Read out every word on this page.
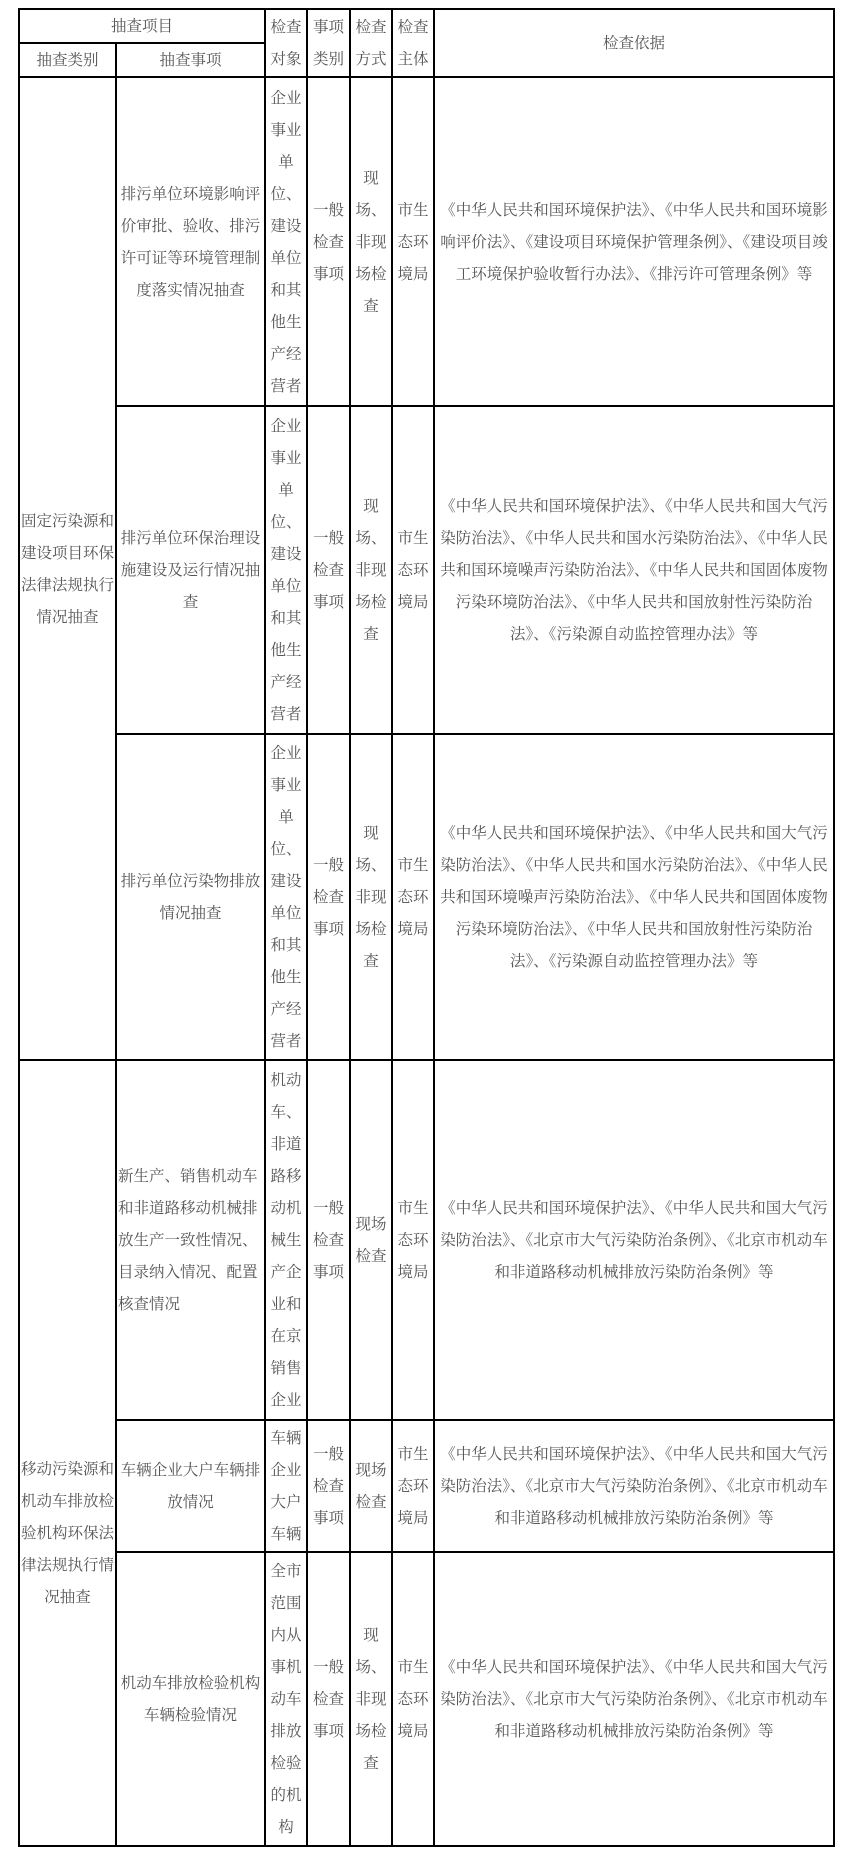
抽查项目		检查对象	事项类别	检查方式	检查主体	检查依据
抽查类别	抽查事项					
固定污染源和建设项目环保法律法规执行情况抽查	排污单位环境影响评价审批、验收、排污许可证等环境管理制度落实情况抽查	企业事业单位、建设单位和其他生产经营者	一般检查事项	现场、非现场检查	市生态环境局	《中华人民共和国环境保护法》、《中华人民共和国环境影响评价法》、《建设项目环境保护管理条例》、《建设项目竣工环境保护验收暂行办法》、《排污许可管理条例》等
	排污单位环保治理设施建设及运行情况抽查	企业事业单位、建设单位和其他生产经营者	一般检查事项	现场、非现场检查	市生态环境局	《中华人民共和国环境保护法》、《中华人民共和国大气污染防治法》、《中华人民共和国水污染防治法》、《中华人民共和国环境噪声污染防治法》、《中华人民共和国固体废物污染环境防治法》、《中华人民共和国放射性污染防治法》、《污染源自动监控管理办法》等
	排污单位污染物排放情况抽查	企业事业单位、建设单位和其他生产经营者	一般检查事项	现场、非现场检查	市生态环境局	《中华人民共和国环境保护法》、《中华人民共和国大气污染防治法》、《中华人民共和国水污染防治法》、《中华人民共和国环境噪声污染防治法》、《中华人民共和国固体废物污染环境防治法》、《中华人民共和国放射性污染防治法》、《污染源自动监控管理办法》等
移动污染源和机动车排放检验机构环保法律法规执行情况抽查	新生产、销售机动车和非道路移动机械排放生产一致性情况、目录纳入情况、配置核查情况	机动车、非道路移动机械生产企业和在京销售企业	一般检查事项	现场检查	市生态环境局	《中华人民共和国环境保护法》、《中华人民共和国大气污染防治法》、《北京市大气污染防治条例》、《北京市机动车和非道路移动机械排放污染防治条例》等
	车辆企业大户车辆排放情况	车辆企业大户车辆	一般检查事项	现场检查	市生态环境局	《中华人民共和国环境保护法》、《中华人民共和国大气污染防治法》、《北京市大气污染防治条例》、《北京市机动车和非道路移动机械排放污染防治条例》等
	机动车排放检验机构车辆检验情况	全市范围内从事机动车排放检验的机构	一般检查事项	现场、非现场检查	市生态环境局	《中华人民共和国环境保护法》、《中华人民共和国大气污染防治法》、《北京市大气污染防治条例》、《北京市机动车和非道路移动机械排放污染防治条例》等
